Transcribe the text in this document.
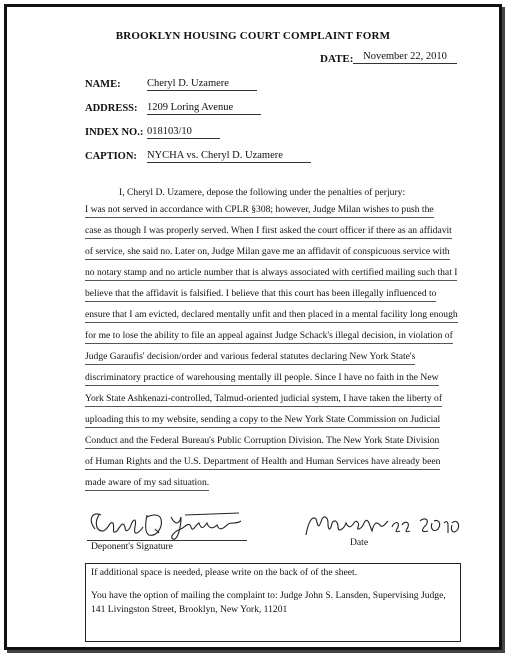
BROOKLYN HOUSING COURT COMPLAINT FORM
DATE: November 22, 2010
NAME:	Cheryl D. Uzamere
ADDRESS: 1209 Loring Avenue
INDEX NO.: 018103/10
CAPTION: NYCHA vs. Cheryl D. Uzamere
I, Cheryl D. Uzamere, depose the following under the penalties of perjury:
I was not served in accordance with CPLR §308; however, Judge Milan wishes to push the
case as though I was properly served. When I first asked the court officer if there as an affidavit
of service, she said no. Later on, Judge Milan gave me an affidavit of conspicuous service with
no notary stamp and no article number that is always associated with certified mailing such that I
believe that the affidavit is falsified. I believe that this court has been illegally influenced to
ensure that I am evicted, declared mentally unfit and then placed in a mental facility long enough
for me to lose the ability to file an appeal against Judge Schack's illegal decision, in violation of
Judge Garaufis' decision/order and various federal statutes declaring New York State's
discriminatory practice of warehousing mentally ill people. Since I have no faith in the New
York State Ashkenazi-controlled, Talmud-oriented judicial system, I have taken the liberty of
uploading this to my website, sending a copy to the New York State Commission on Judicial
Conduct and the Federal Bureau's Public Corruption Division. The New York State Division
of Human Rights and the U.S. Department of Health and Human Services have already been
made aware of my sad situation.
Deponent's Signature	Date
If additional space is needed, please write on the back of of the sheet.
You have the option of mailing the complaint to: Judge John S. Lansden, Supervising Judge,
141 Livingston Street, Brooklyn, New York, 11201
